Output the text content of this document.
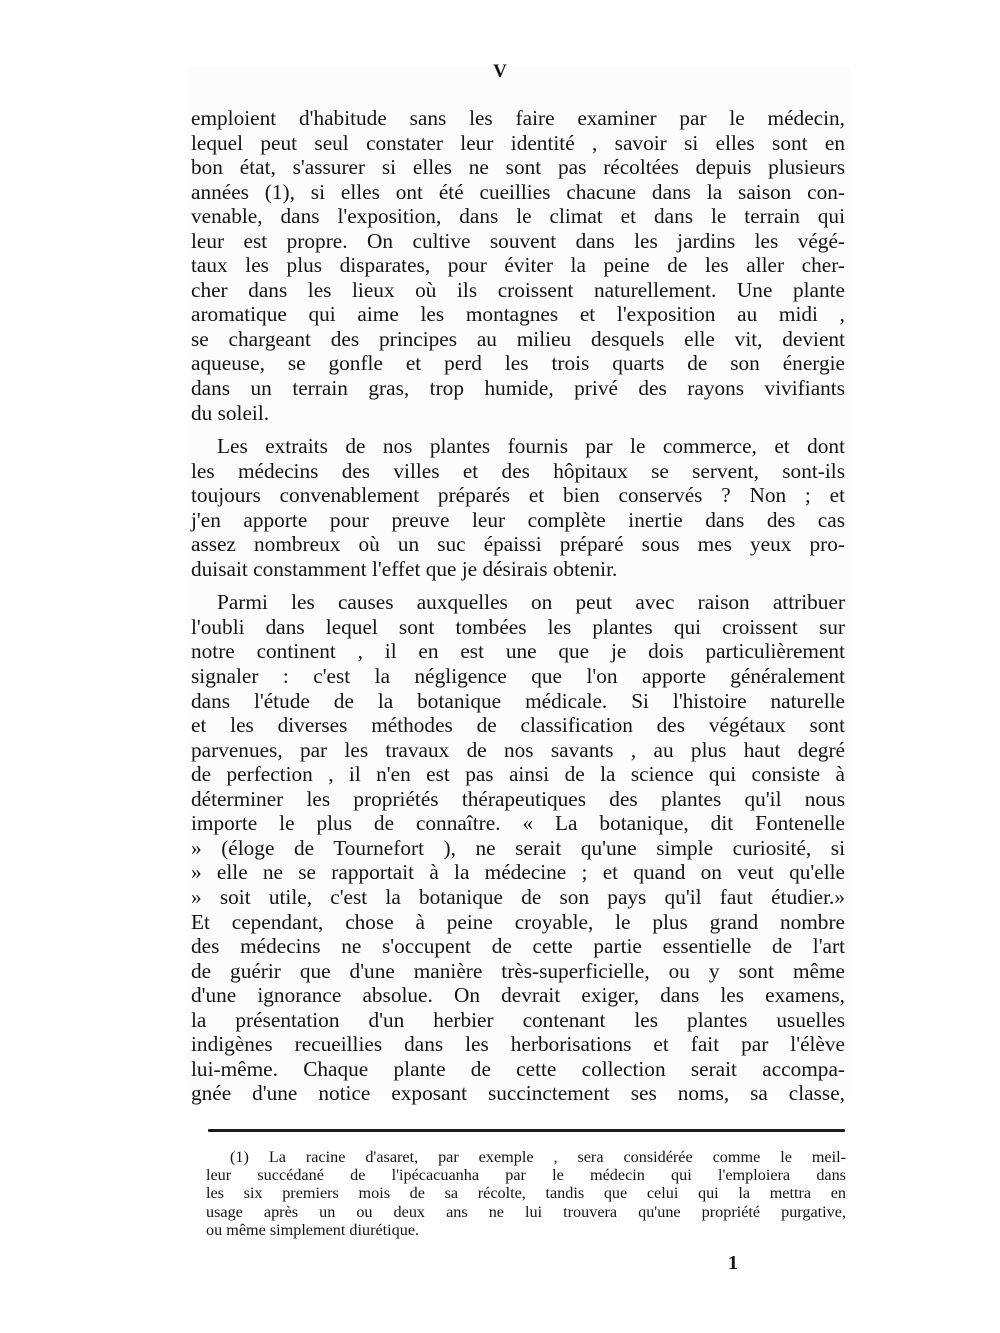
V
emploient d'habitude sans les faire examiner par le médecin,
lequel peut seul constater leur identité , savoir si elles sont en
bon état, s'assurer si elles ne sont pas récoltées depuis plusieurs
années (1), si elles ont été cueillies chacune dans la saison con-
venable, dans l'exposition, dans le climat et dans le terrain qui
leur est propre. On cultive souvent dans les jardins les végé-
taux les plus disparates, pour éviter la peine de les aller cher-
cher dans les lieux où ils croissent naturellement. Une plante
aromatique qui aime les montagnes et l'exposition au midi ,
se chargeant des principes au milieu desquels elle vit, devient
aqueuse, se gonfle et perd les trois quarts de son énergie
dans un terrain gras, trop humide, privé des rayons vivifiants
du soleil.
Les extraits de nos plantes fournis par le commerce, et dont
les médecins des villes et des hôpitaux se servent, sont-ils
toujours convenablement préparés et bien conservés ? Non ; et
j'en apporte pour preuve leur complète inertie dans des cas
assez nombreux où un suc épaissi préparé sous mes yeux pro-
duisait constamment l'effet que je désirais obtenir.
Parmi les causes auxquelles on peut avec raison attribuer
l'oubli dans lequel sont tombées les plantes qui croissent sur
notre continent , il en est une que je dois particulièrement
signaler : c'est la négligence que l'on apporte généralement
dans l'étude de la botanique médicale. Si l'histoire naturelle
et les diverses méthodes de classification des végétaux sont
parvenues, par les travaux de nos savants , au plus haut degré
de perfection , il n'en est pas ainsi de la science qui consiste à
déterminer les propriétés thérapeutiques des plantes qu'il nous
importe le plus de connaître. « La botanique, dit Fontenelle
» (éloge de Tournefort ), ne serait qu'une simple curiosité, si
» elle ne se rapportait à la médecine ; et quand on veut qu'elle
» soit utile, c'est la botanique de son pays qu'il faut étudier.»
Et cependant, chose à peine croyable, le plus grand nombre
des médecins ne s'occupent de cette partie essentielle de l'art
de guérir que d'une manière très-superficielle, ou y sont même
d'une ignorance absolue. On devrait exiger, dans les examens,
la présentation d'un herbier contenant les plantes usuelles
indigènes recueillies dans les herborisations et fait par l'élève
lui-même. Chaque plante de cette collection serait accompa-
gnée d'une notice exposant succinctement ses noms, sa classe,
(1) La racine d'asaret, par exemple , sera considérée comme le meil-
leur succédané de l'ipécacuanha par le médecin qui l'emploiera dans
les six premiers mois de sa récolte, tandis que celui qui la mettra en
usage après un ou deux ans ne lui trouvera qu'une propriété purgative,
ou même simplement diurétique.
1
